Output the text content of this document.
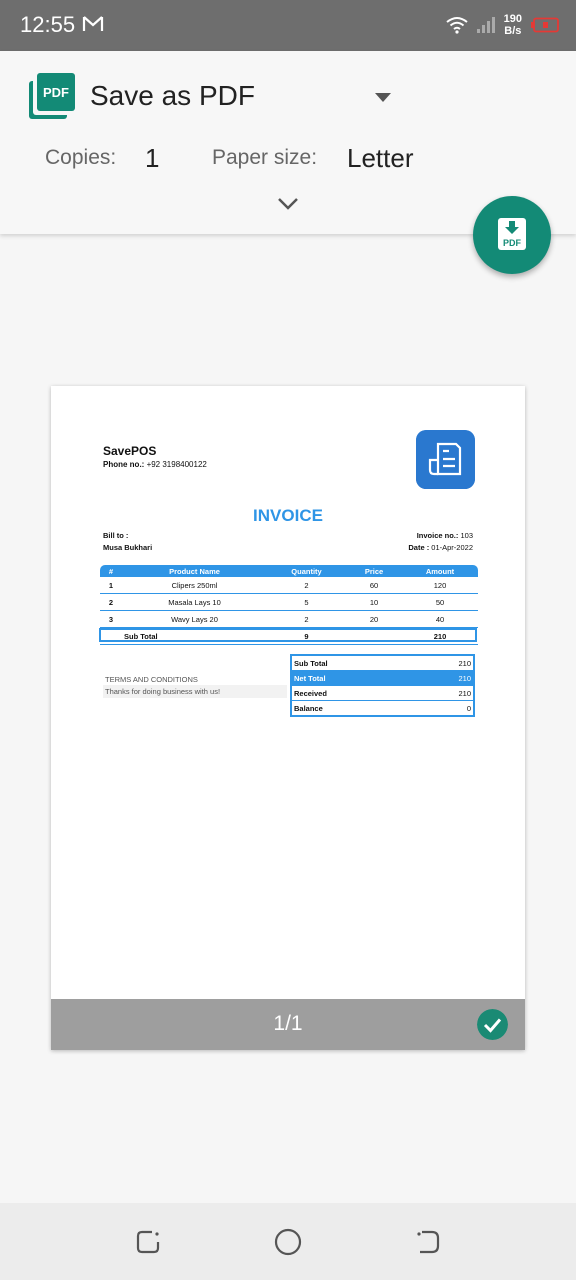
12:55	190
B/s
PDF Save as PDF
Copies: 1	Paper size: Letter
PDF
SavePOS
Phone no.: +92 3198400122
INVOICE
Bill to :
Musa Bukhari
Invoice no.: 103
Date : 01-Apr-2022
#	Product Name	Quantity	Price	Amount
1	Clipers 250ml	2	60	120
2	Masala Lays 10	5	10	50
3	Wavy Lays 20	2	20	40
	Sub Total	9		210
TERMS AND CONDITIONS
Thanks for doing business with us!
Sub Total	210
Net Total	210
Received	210
Balance	0
1/1
